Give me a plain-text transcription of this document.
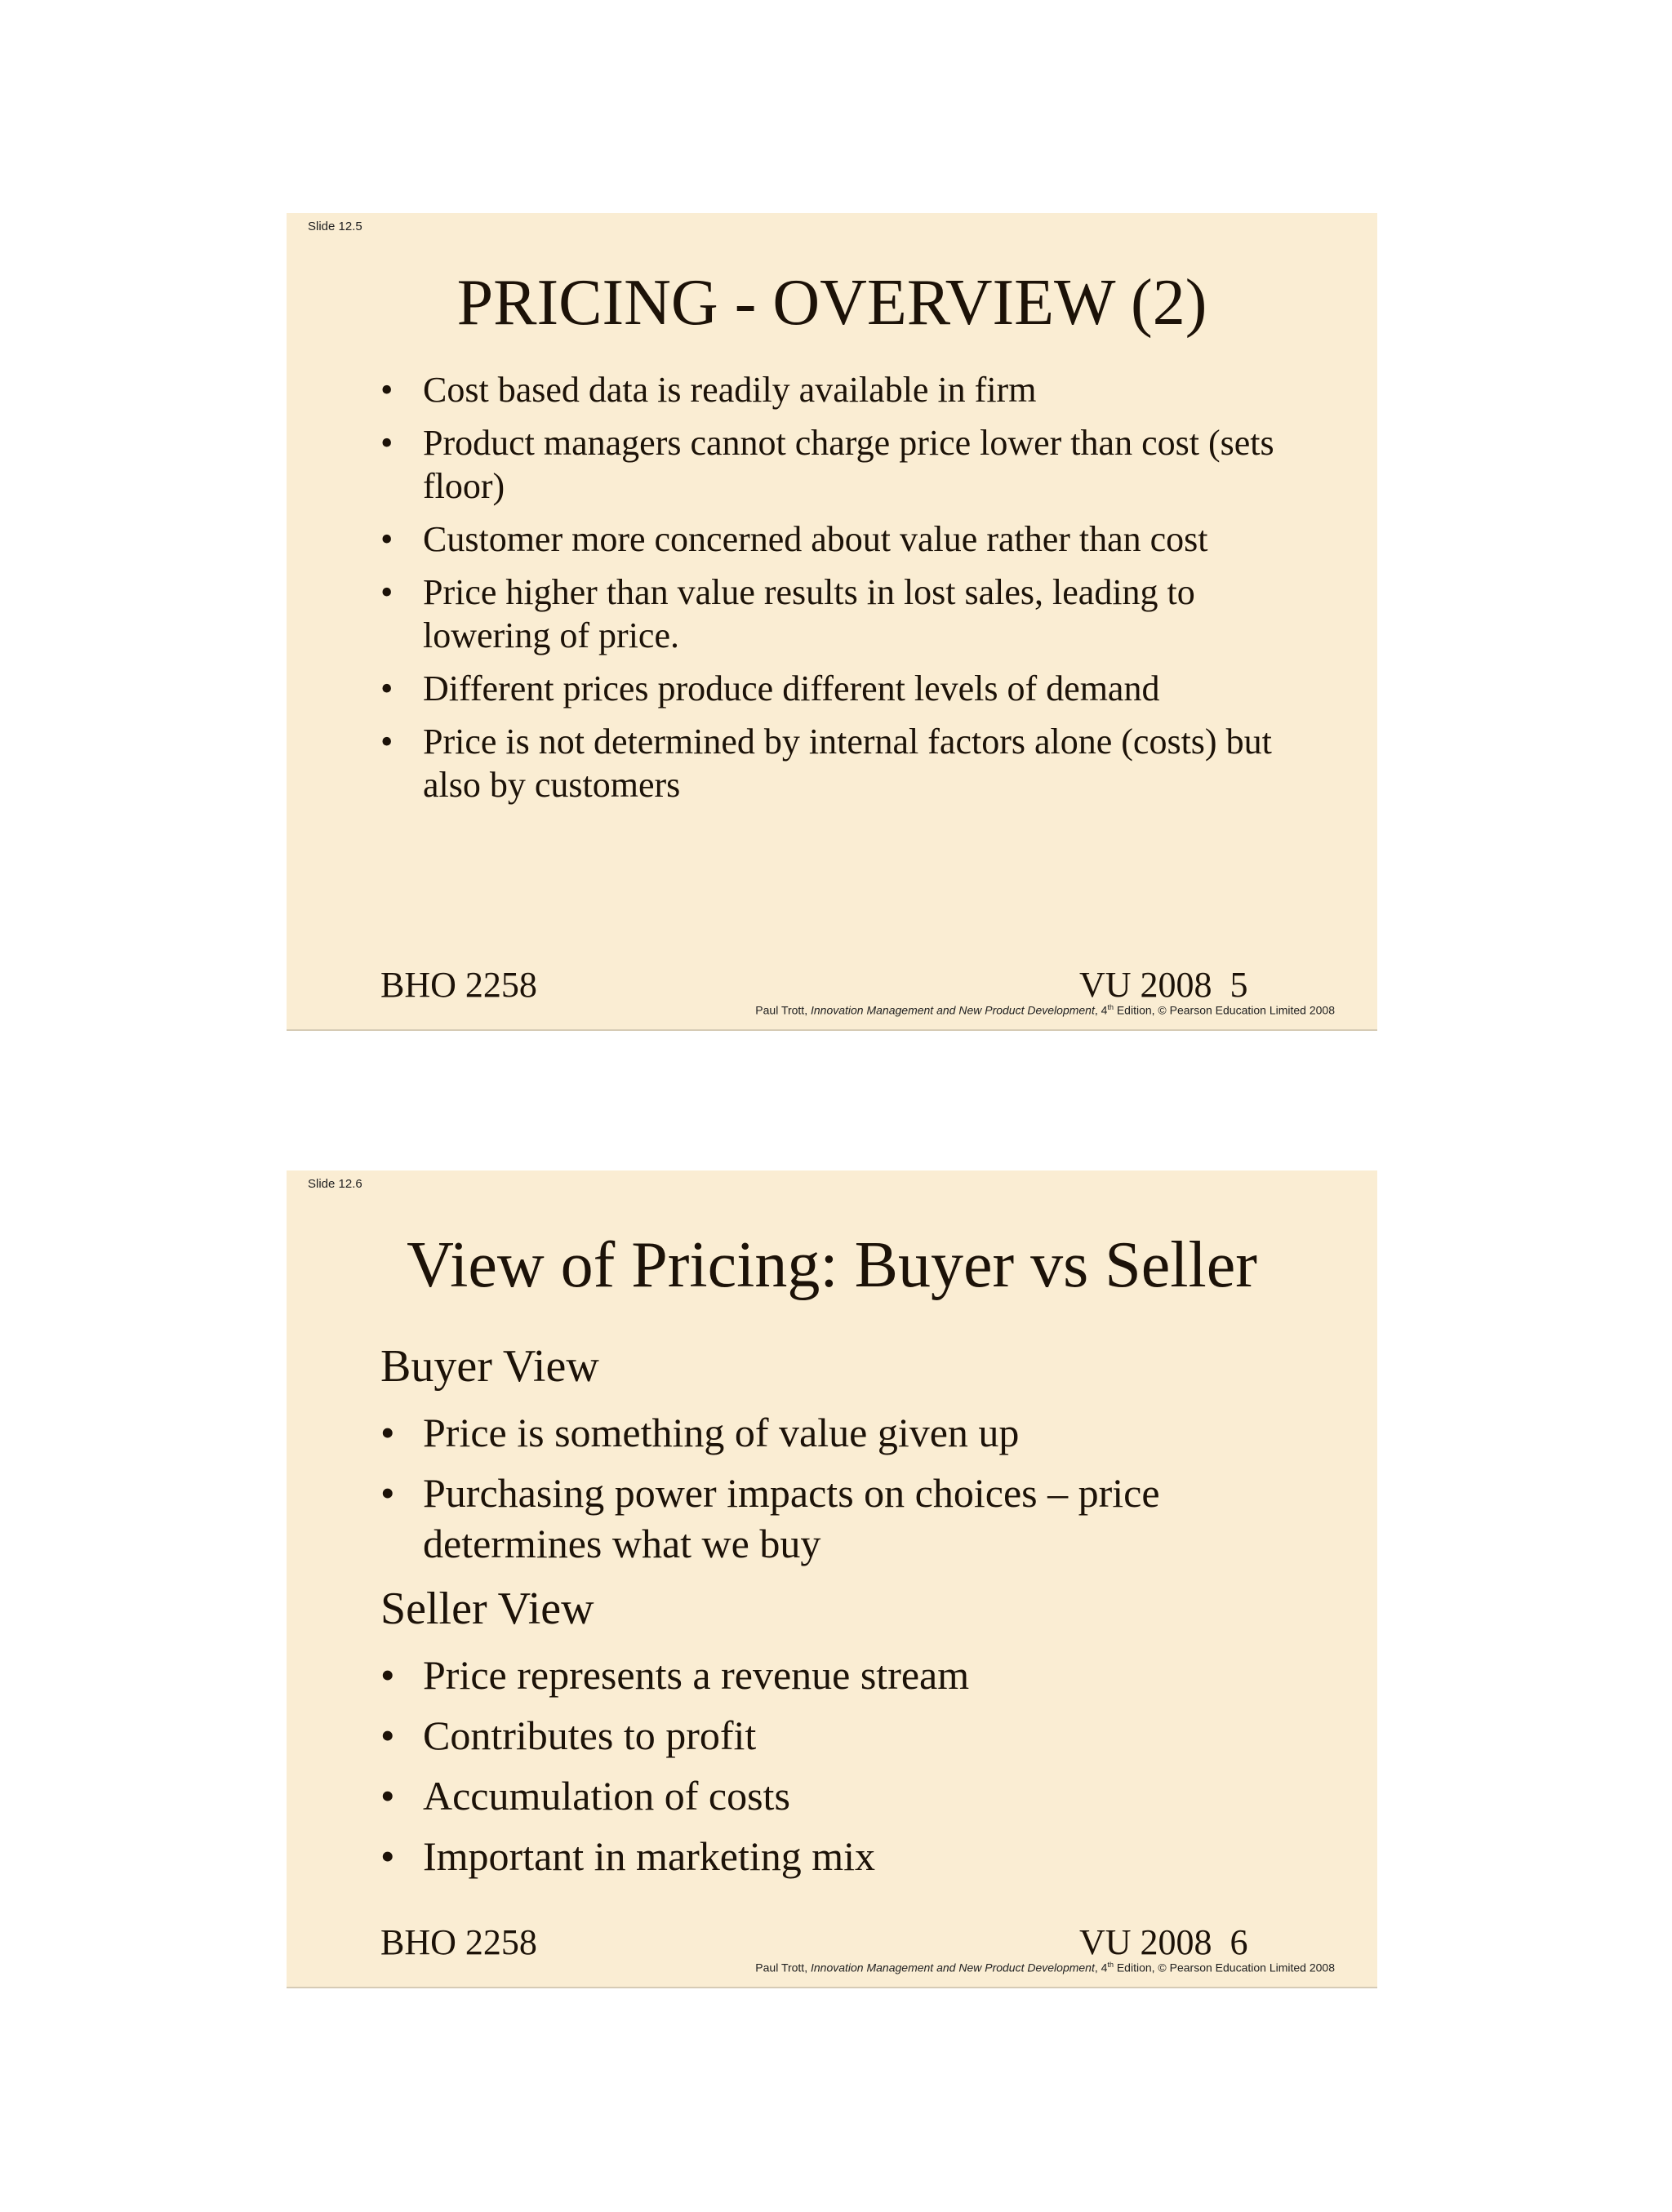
Slide 12.5
PRICING - OVERVIEW (2)
• Cost based data is readily available in firm
• Product managers cannot charge price lower than cost (sets floor)
• Customer more concerned about value rather than cost
• Price higher than value results in lost sales, leading to lowering of price.
• Different prices produce different levels of demand
• Price is not determined by internal factors alone (costs) but also by customers
BHO 2258	VU 2008  5
Paul Trott, Innovation Management and New Product Development, 4th Edition, © Pearson Education Limited 2008
Slide 12.6
View of Pricing: Buyer vs Seller
Buyer View
• Price is something of value given up
• Purchasing power impacts on choices – price determines what we buy
Seller View
• Price represents a revenue stream
• Contributes to profit
• Accumulation of costs
• Important in marketing mix
BHO 2258	VU 2008  6
Paul Trott, Innovation Management and New Product Development, 4th Edition, © Pearson Education Limited 2008
